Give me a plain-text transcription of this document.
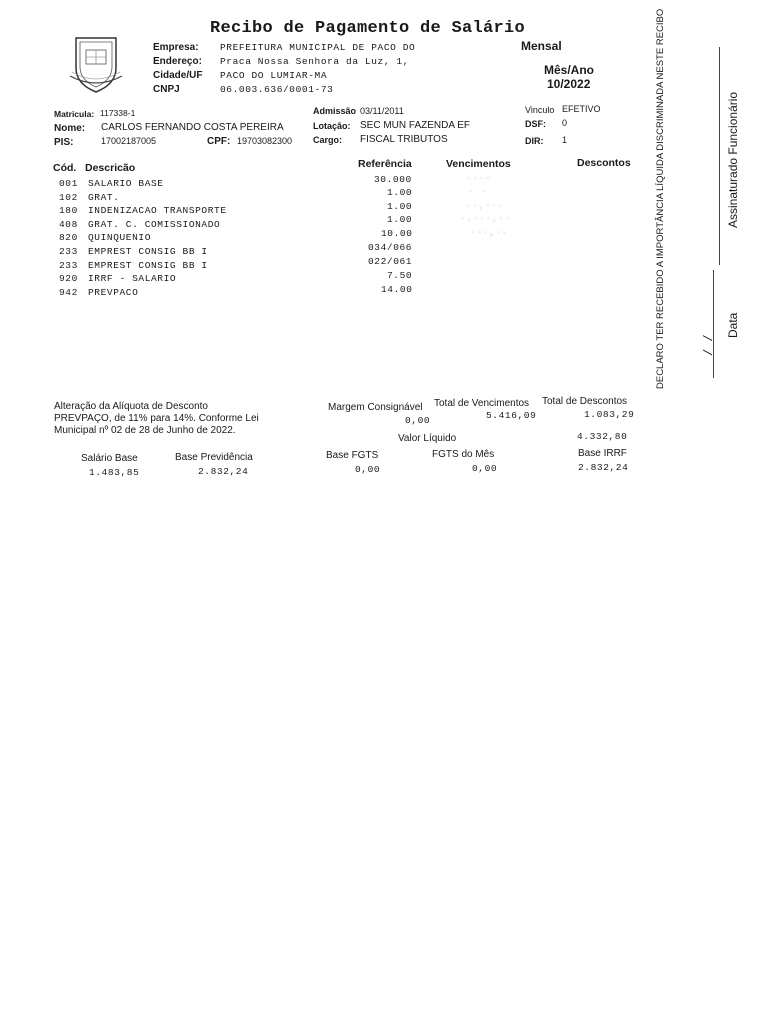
Recibo de Pagamento de Salário
Empresa: PREFEITURA MUNICIPAL DE PACO DO
Endereço: Praca Nossa Senhora da Luz, 1,
Cidade/UF PACO DO LUMIAR-MA
CNPJ	06.003.636/0001-73
Mensal
Mês/Ano
10/2022
Matricula: 117338-1
Nome: CARLOS FERNANDO COSTA PEREIRA
PIS:	17002187005	CPF: 19703082300
Admissão 03/11/2011
Lotação: SEC MUN FAZENDA EF
Cargo: FISCAL TRIBUTOS
Vinculo EFETIVO
DSF: 0
DIR: 1
Cód. Descricão	Referência	Vencimentos	Descontos
001 SALARIO BASE	30.000	-·--
102 GRAT.	1.00	· ·
180 INDENIZACAO TRANSPORTE	1.00	··,···
408 GRAT. C. COMISSIONADO	1.00	·.···,··
820 QUINQUENIO	10.00	···,··
233 EMPREST CONSIG BB I	034/066
233 EMPREST CONSIG BB I	022/061
920 IRRF - SALARIO	7.50
942 PREVPACO	14.00
Alteração da Alíquota de Desconto
PREVPAÇO, de 11% para 14%. Conforme Lei
Municipal nº 02 de 28 de Junho de 2022.
Margem Consignável
0,00
Total de Vencimentos
5.416,09
Total de Descontos
1.083,29
Valor Líquido	4.332,80
Salário Base
1.483,85
Base Previdência
2.832,24
Base FGTS
0,00
FGTS do Mês
0,00
Base IRRF
2.832,24
DECLARO TER RECEBIDO A IMPORTÂNCIA LÍQUIDA DISCRIMINADA NESTE RECIBO	/ /
Data
Assinaturado Funcionário
